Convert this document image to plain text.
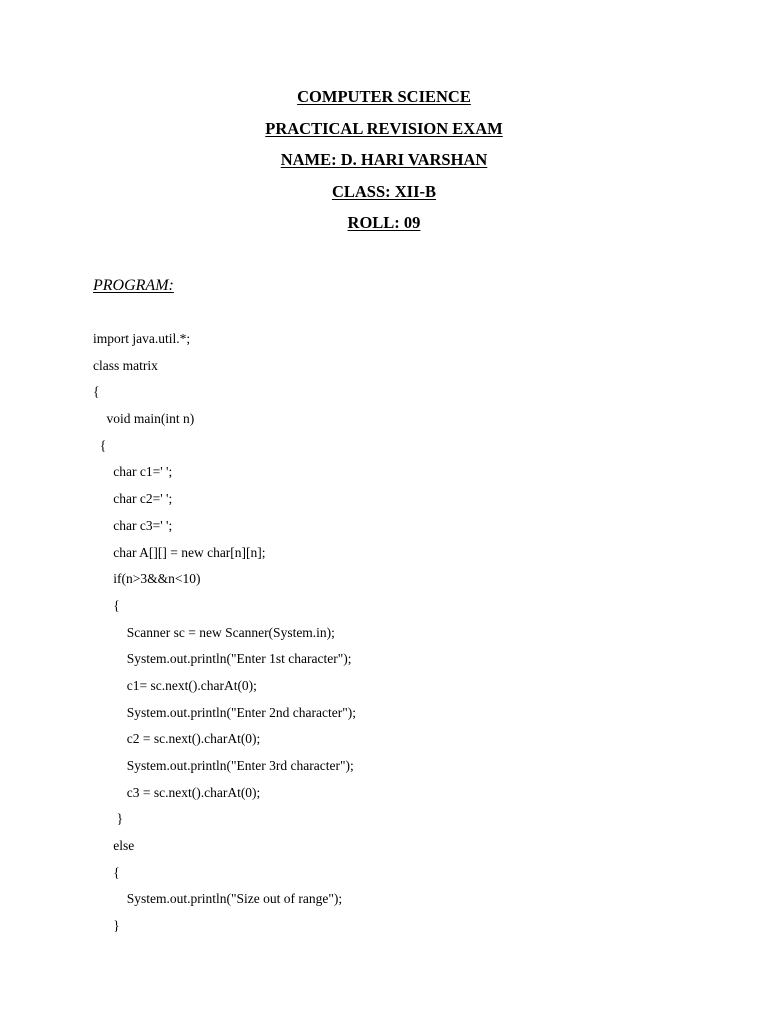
COMPUTER SCIENCE
PRACTICAL REVISION EXAM
NAME: D. HARI VARSHAN
CLASS: XII-B
ROLL: 09
PROGRAM:
import java.util.*;
class matrix
{
void main(int n)
{
char c1=' ';
char c2=' ';
char c3=' ';
char A[][] = new char[n][n];
if(n>3&&n<10)
{
Scanner sc = new Scanner(System.in);
System.out.println("Enter 1st character");
c1= sc.next().charAt(0);
System.out.println("Enter 2nd character");
c2 = sc.next().charAt(0);
System.out.println("Enter 3rd character");
c3 = sc.next().charAt(0);
}
else
{
System.out.println("Size out of range");
}
